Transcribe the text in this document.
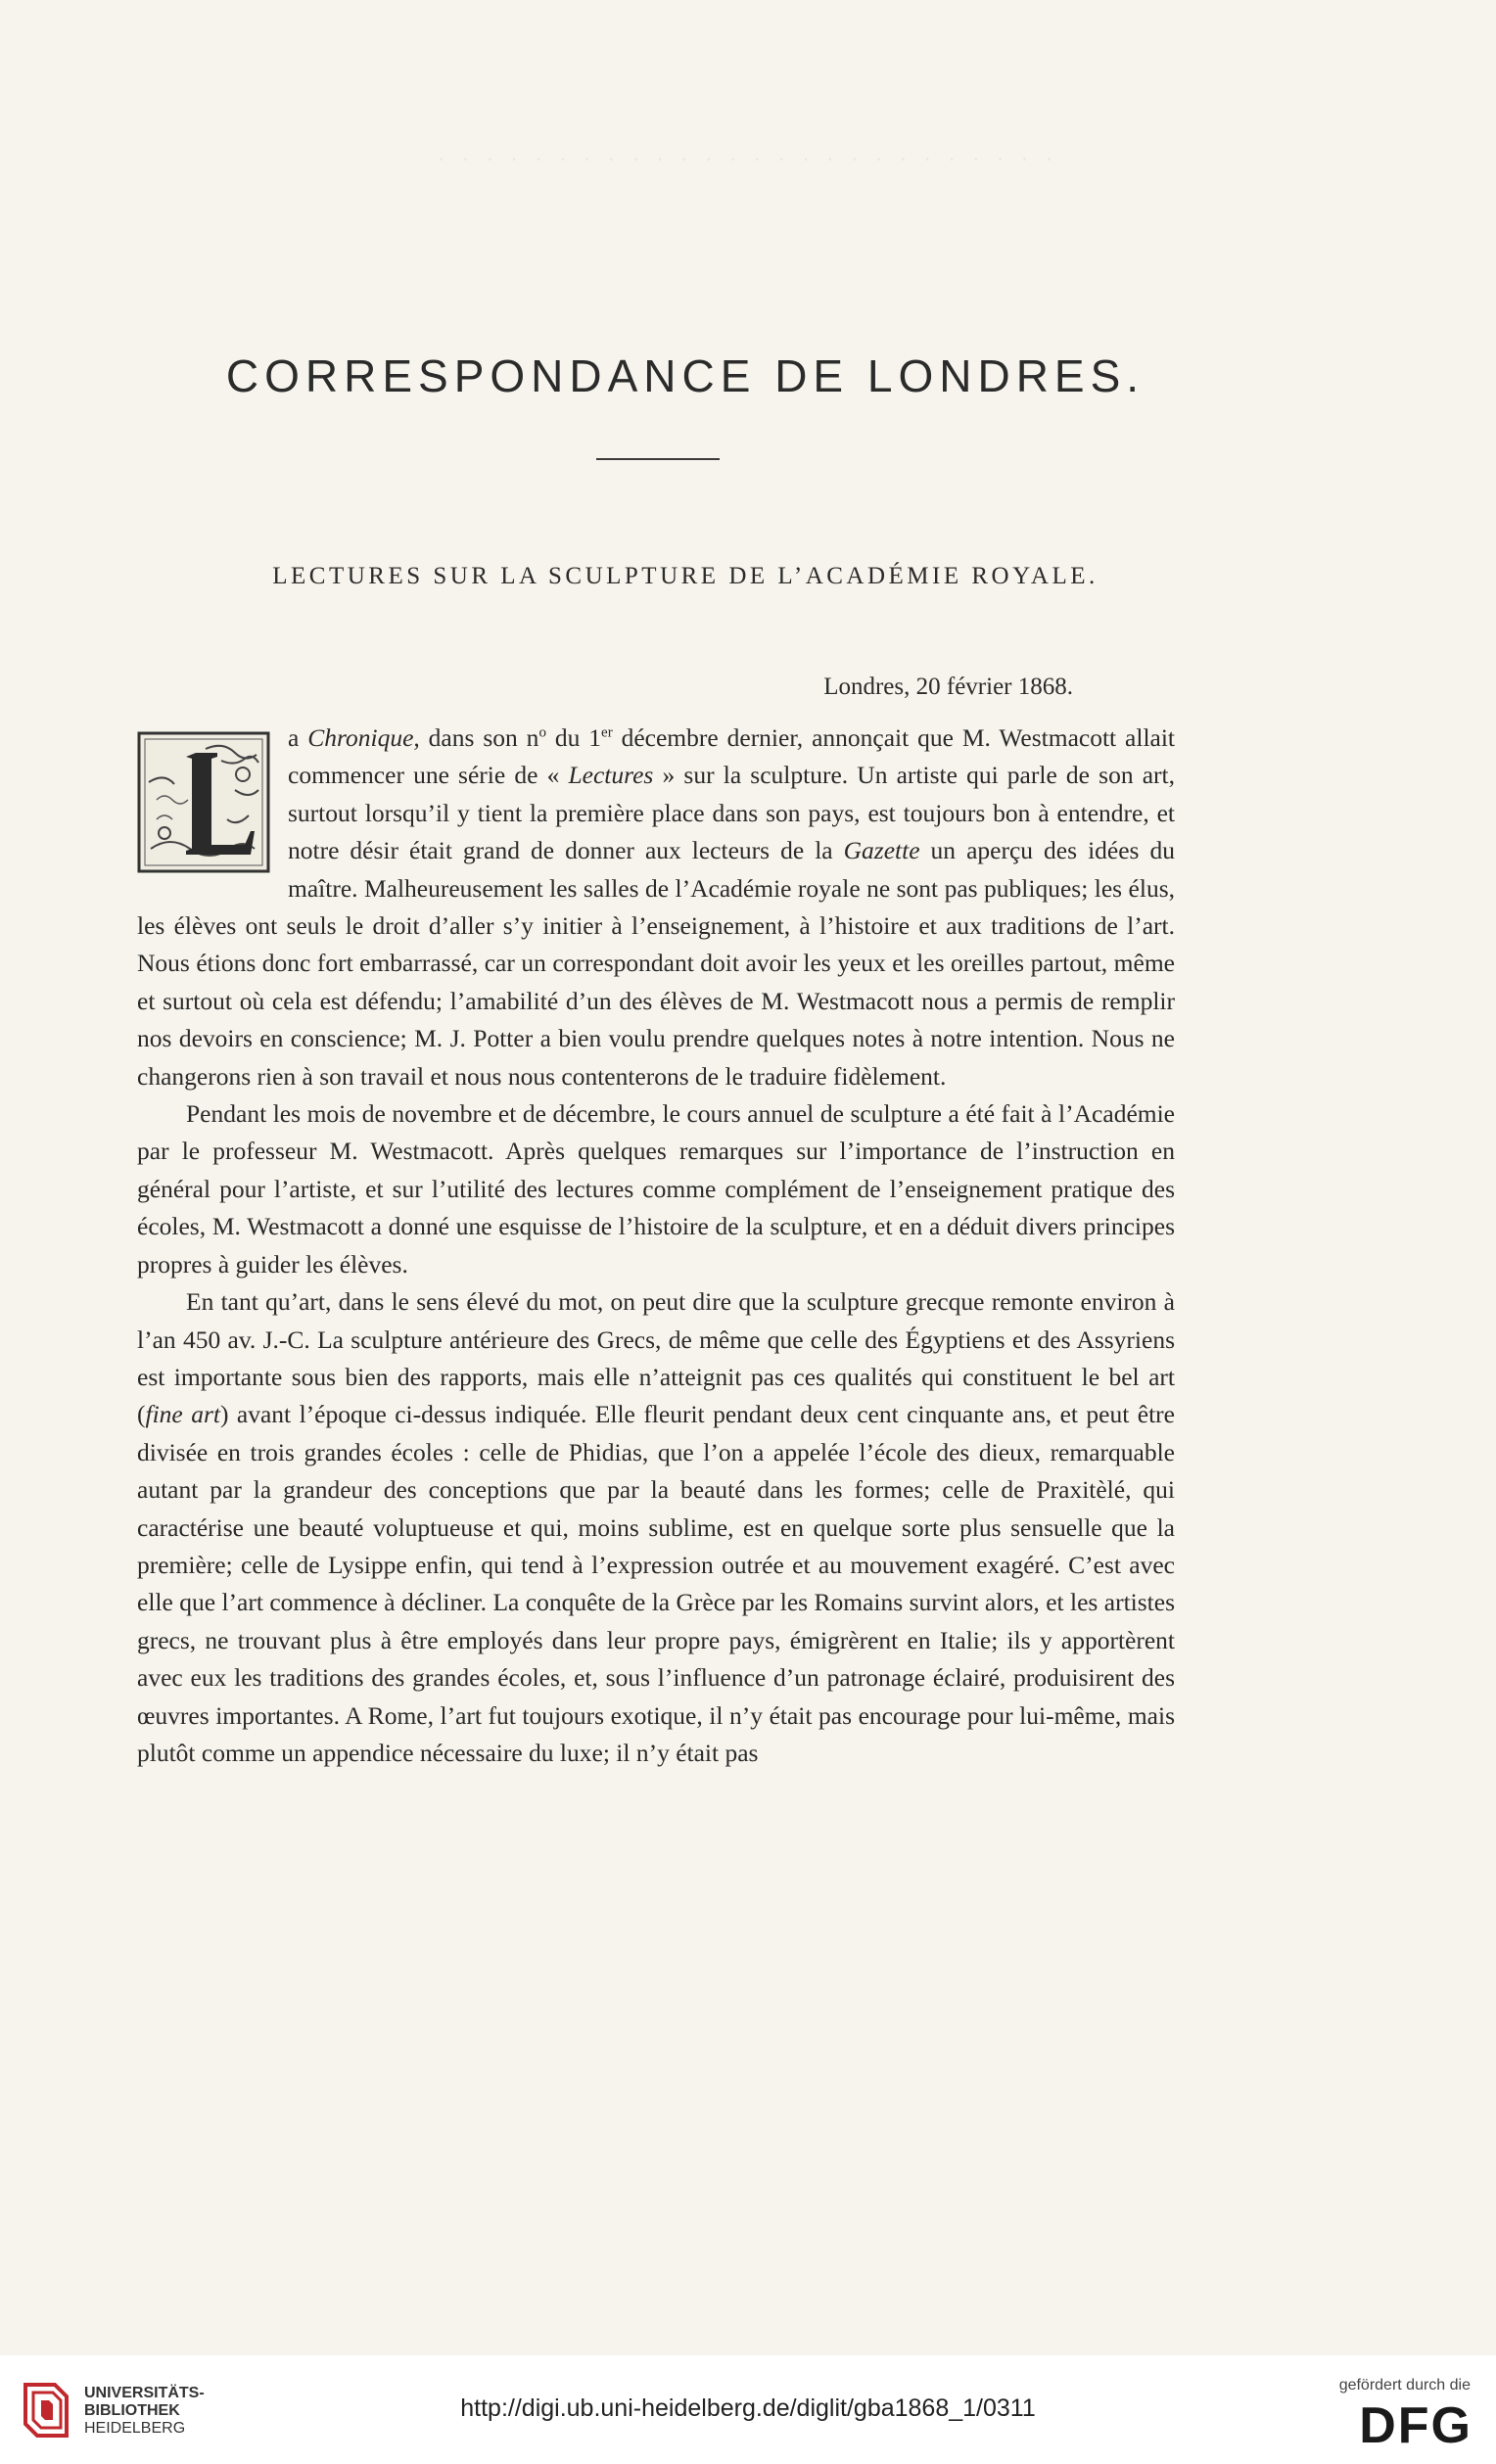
· · · · · · · · · · · · · · · · · · · · · · · · · ·
CORRESPONDANCE DE LONDRES.
LECTURES SUR LA SCULPTURE DE L’ACADÉMIE ROYALE.
Londres, 20 février 1868.

a Chronique, dans son $n^o$ du 1er décembre dernier, annonçait que M. Westmacott allait commencer une série de « Lectures » sur la sculpture. Un artiste qui parle de son art, surtout lorsqu’il y tient la première place dans son pays, est toujours bon à entendre, et notre désir était grand de donner aux lecteurs de la Gazette un aperçu des idées du maître. Malheureusement les salles de l’Académie royale ne sont pas publiques; les élus, les élèves ont seuls le droit d’aller s’y initier à l’enseignement, à l’histoire et aux traditions de l’art. Nous étions donc fort embarrassé, car un correspondant doit avoir les yeux et les oreilles partout, même et surtout où cela est défendu; l’amabilité d’un des élèves de M. Westmacott nous a permis de remplir nos devoirs en conscience; M. J. Potter a bien voulu prendre quelques notes à notre intention. Nous ne changerons rien à son travail et nous nous contenterons de le traduire fidèlement.

Pendant les mois de novembre et de décembre, le cours annuel de sculpture a été fait à l’Académie par le professeur M. Westmacott. Après quelques remarques sur l’importance de l’instruction en général pour l’artiste, et sur l’utilité des lectures comme complément de l’enseignement pratique des écoles, M. Westmacott a donné une esquisse de l’histoire de la sculpture, et en a déduit divers principes propres à guider les élèves.

En tant qu’art, dans le sens élevé du mot, on peut dire que la sculpture grecque remonte environ à l’an 450 av. J.-C. La sculpture antérieure des Grecs, de même que celle des Égyptiens et des Assyriens est importante sous bien des rapports, mais elle n’atteignit pas ces qualités qui constituent le bel art (fine art) avant l’époque ci-dessus indiquée. Elle fleurit pendant deux cent cinquante ans, et peut être divisée en trois grandes écoles : celle de Phidias, que l’on a appelée l’école des dieux, remarquable autant par la grandeur des conceptions que par la beauté dans les formes; celle de Praxitèlé, qui caractérise une beauté voluptueuse et qui, moins sublime, est en quelque sorte plus sensuelle que la première; celle de Lysippe enfin, qui tend à l’expression outrée et au mouvement exagéré. C’est avec elle que l’art commence à décliner. La conquête de la Grèce par les Romains survint alors, et les artistes grecs, ne trouvant plus à être employés dans leur propre pays, émigrèrent en Italie; ils y apportèrent avec eux les traditions des grandes écoles, et, sous l’influence d’un patronage éclairé, produisirent des œuvres importantes. A Rome, l’art fut toujours exotique, il n’y était pas encourage pour lui-même, mais plutôt comme un appendice nécessaire du luxe; il n’y était pas

UNIVERSITÄTS-
BIBLIOTHEK
HEIDELBERG
http://digi.ub.uni-heidelberg.de/diglit/gba1868_1/0311
gefördert durch die
DFG
